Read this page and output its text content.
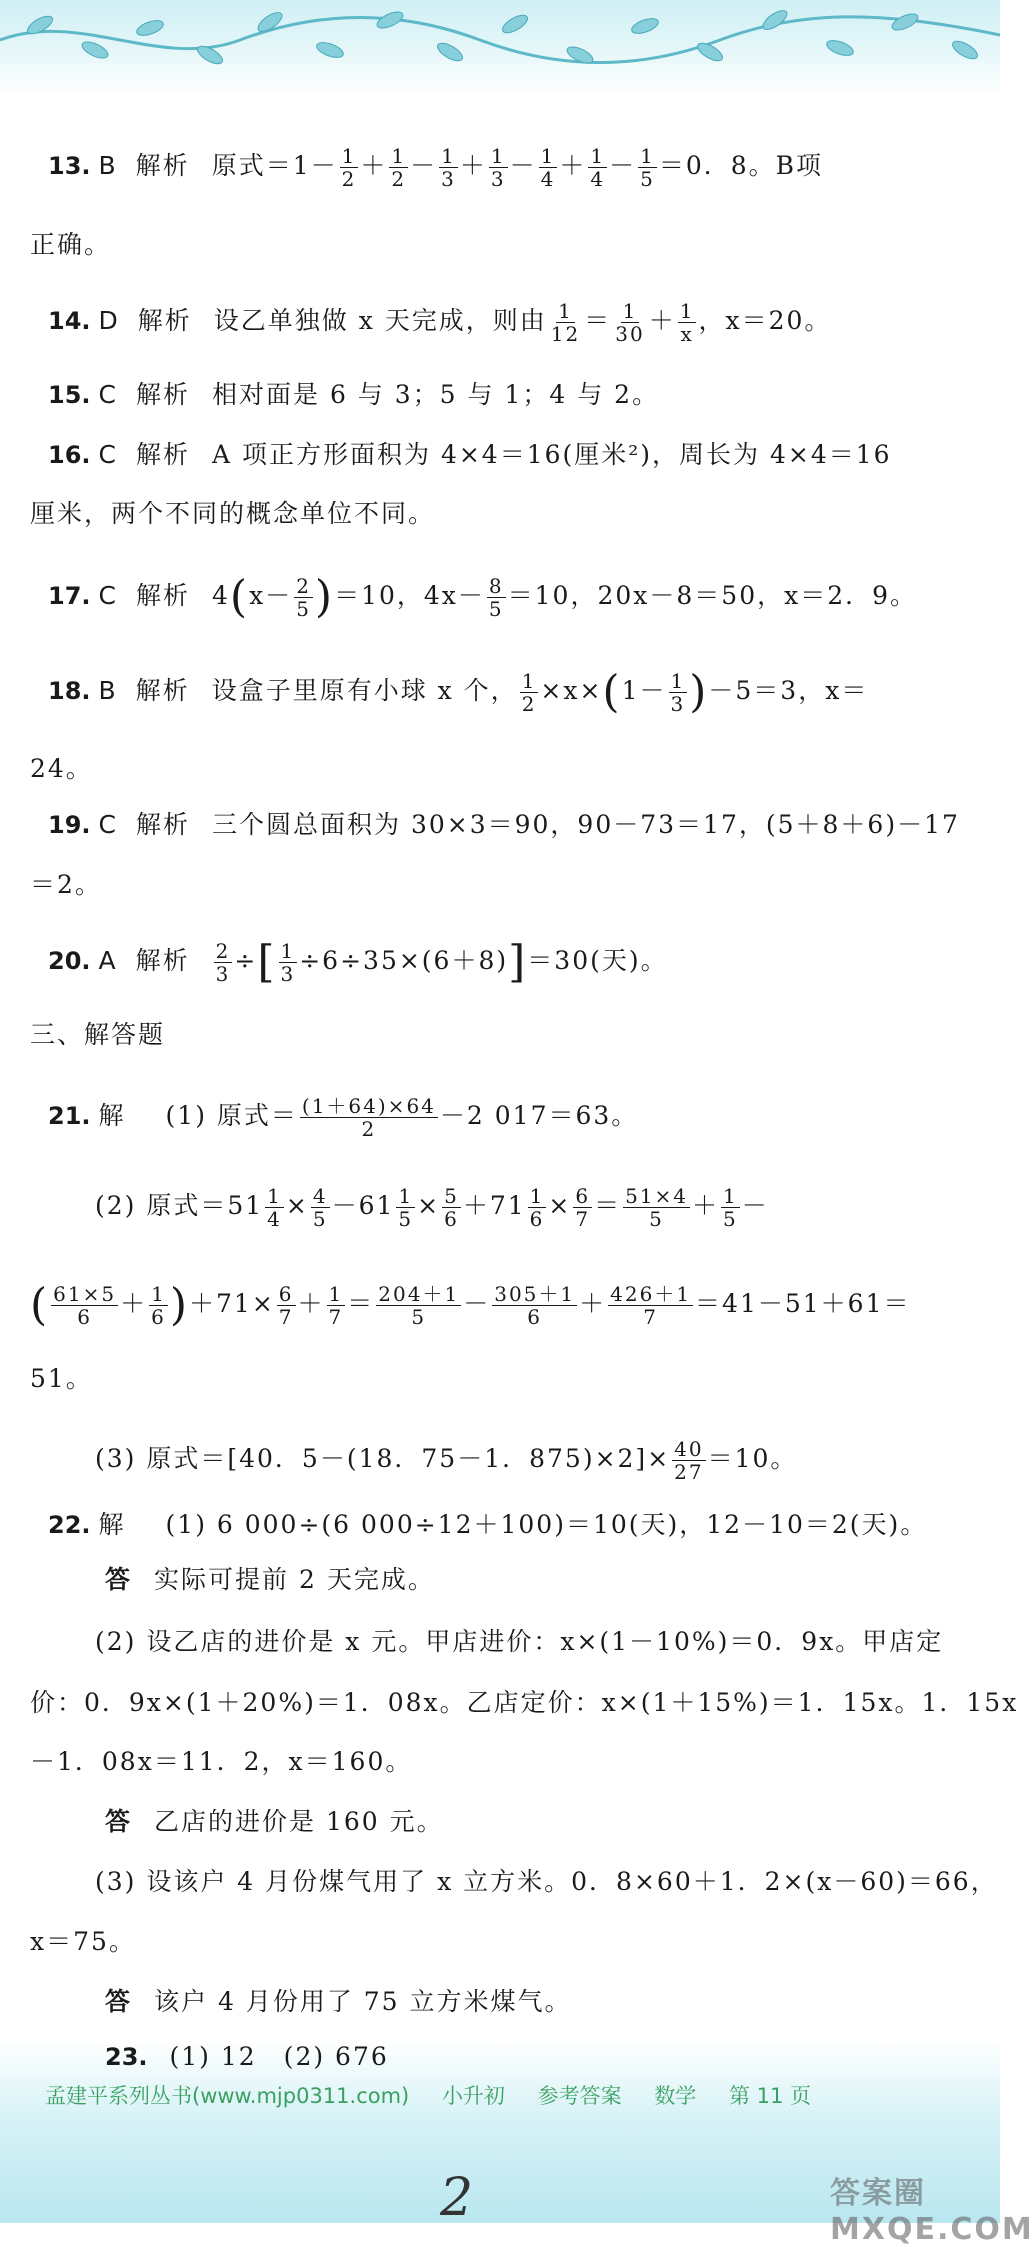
13. B 解析 原式$=1- \frac{1}{2} + \frac{1}{2} - \frac{1}{3} + \frac{1}{3} - \frac{1}{4} + \frac{1}{4} - \frac{1}{5} =0$．8。B项
正确。
14. D 解析 设乙单独做 x 天完成，则由 $\frac{1}{12} = \frac{1}{30} + \frac{1}{x}$ ，x＝20。
15. C 解析 相对面是 6 与 3；5 与 1；4 与 2。
16. C 解析 A 项正方形面积为 4×4＝16(厘米²)，周长为 4×4＝16
厘米，两个不同的概念单位不同。
17. C 解析 $4(x- \frac{2}{5} )=10$，$4x- \frac{8}{5} =10$，20x－8＝50，x＝2．9。
18. B 解析 设盒子里原有小球 x 个， $\frac{1}{2} \times x\times(1- \frac{1}{3} )-5=3$，x＝
24。
19. C 解析 三个圆总面积为 30×3＝90，90－73＝17，(5＋8＋6)－17
＝2。
20. A 解析 $\frac{2}{3}$ ÷[ $\frac{1}{3} \div 6\div 35\times(6+8)]=30$(天)。
三、解答题
21. 解 (1) 原式＝ $\frac{(1+64)\times 64}{2} -2$ 017＝63。
(2) 原式$=51 \frac{1}{4} \times \frac{4}{5} -61 \frac{1}{5} \times \frac{5}{6} +71 \frac{1}{6} \times \frac{6}{7} = \frac{51\times 4}{5} + \frac{1}{5}$ －
( $\frac{61\times 5}{6} + \frac{1}{6} )+71\times \frac{6}{7} + \frac{1}{7} = \frac{204+1}{5} - \frac{305+1}{6} + \frac{426+1}{7} =41-51+61=$
51。
(3) 原式＝[40．5－(18．75－1．$875)\times 2]\times \frac{40}{27} =10$。
22. 解 (1) 6 000÷(6 000÷12＋100)＝10(天)，12－10＝2(天)。
答 实际可提前 2 天完成。
(2) 设乙店的进价是 x 元。甲店进价：x×(1－10%)＝0．9x。甲店定
价：0．9x×(1＋20%)＝1．08x。乙店定价：x×(1＋15%)＝1．15x。1．15x
－1．08x＝11．2，x＝160。
答 乙店的进价是 160 元。
(3) 设该户 4 月份煤气用了 x 立方米。0．8×60＋1．2×(x－60)＝66，
x＝75。
答 该户 4 月份用了 75 立方米煤气。
23. (1) 12　(2) 676
孟建平系列丛书(www.mjp0311.com) 小升初 参考答案 数学 第 11 页
2	答案圈 MXQE.COM
